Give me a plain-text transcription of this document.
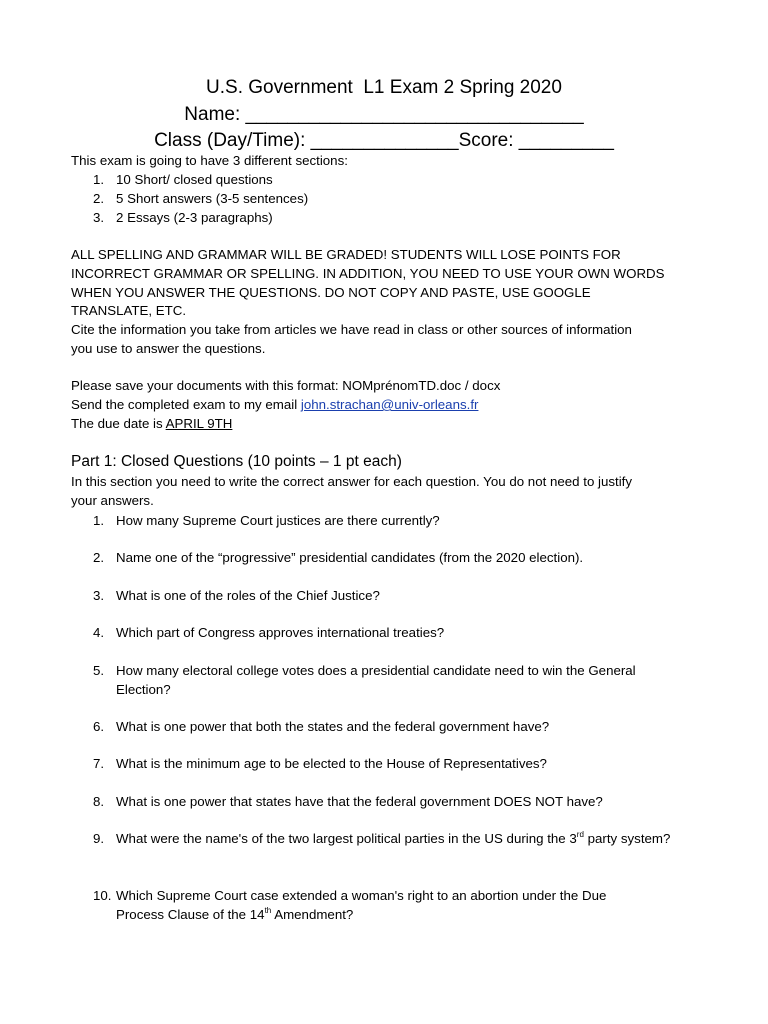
U.S. Government  L1 Exam 2 Spring 2020
Name: ________________________________
Class (Day/Time): ______________Score: _________
This exam is going to have 3 different sections:
1. 10 Short/ closed questions
2. 5 Short answers (3-5 sentences)
3. 2 Essays (2-3 paragraphs)
ALL SPELLING AND GRAMMAR WILL BE GRADED! STUDENTS WILL LOSE POINTS FOR
INCORRECT GRAMMAR OR SPELLING. IN ADDITION, YOU NEED TO USE YOUR OWN WORDS
WHEN YOU ANSWER THE QUESTIONS. DO NOT COPY AND PASTE, USE GOOGLE
TRANSLATE, ETC.
Cite the information you take from articles we have read in class or other sources of information
you use to answer the questions.
Please save your documents with this format: NOMprénomTD.doc / docx
Send the completed exam to my email john.strachan@univ-orleans.fr
The due date is APRIL 9TH
Part 1: Closed Questions (10 points – 1 pt each)
In this section you need to write the correct answer for each question. You do not need to justify
your answers.
1. How many Supreme Court justices are there currently?
2. Name one of the “progressive” presidential candidates (from the 2020 election).
3. What is one of the roles of the Chief Justice?
4. Which part of Congress approves international treaties?
5. How many electoral college votes does a presidential candidate need to win the General Election?
6. What is one power that both the states and the federal government have?
7. What is the minimum age to be elected to the House of Representatives?
8. What is one power that states have that the federal government DOES NOT have?
9. What were the name's of the two largest political parties in the US during the 3rd party system?
10. Which Supreme Court case extended a woman's right to an abortion under the Due Process Clause of the 14th Amendment?
